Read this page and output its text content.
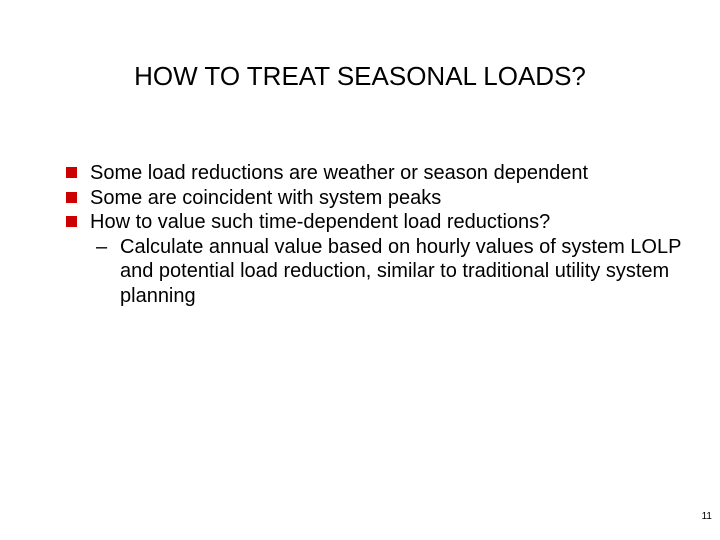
HOW TO TREAT SEASONAL LOADS?
Some load reductions are weather or season dependent
Some are coincident with system peaks
How to value such time-dependent load reductions?
– Calculate annual value based on hourly values of system LOLP and potential load reduction, similar to traditional utility system planning
11
